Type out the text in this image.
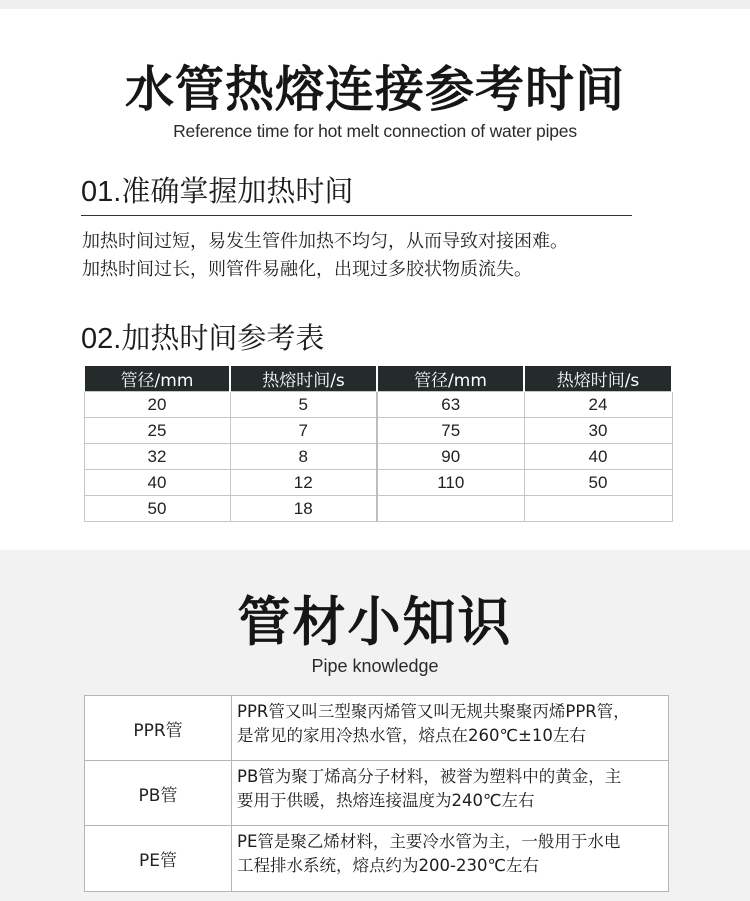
水管热熔连接参考时间
Reference time for hot melt connection of water pipes
01.准确掌握加热时间
加热时间过短，易发生管件加热不均匀，从而导致对接困难。
加热时间过长，则管件易融化，出现过多胶状物质流失。
02.加热时间参考表
管径/mm	热熔时间/s	管径/mm	热熔时间/s
20	5	63	24
25	7	75	30
32	8	90	40
40	12	110	50
50	18		
管材小知识
Pipe knowledge
PPR管	PPR管又叫三型聚丙烯管又叫无规共聚聚丙烯PPR管，
是常见的家用冷热水管，熔点在260℃±10左右

PB管	PB管为聚丁烯高分子材料，被誉为塑料中的黄金，主
要用于供暖，热熔连接温度为240℃左右

PE管	PE管是聚乙烯材料，主要冷水管为主，一般用于水电
工程排水系统，熔点约为200-230℃左右
